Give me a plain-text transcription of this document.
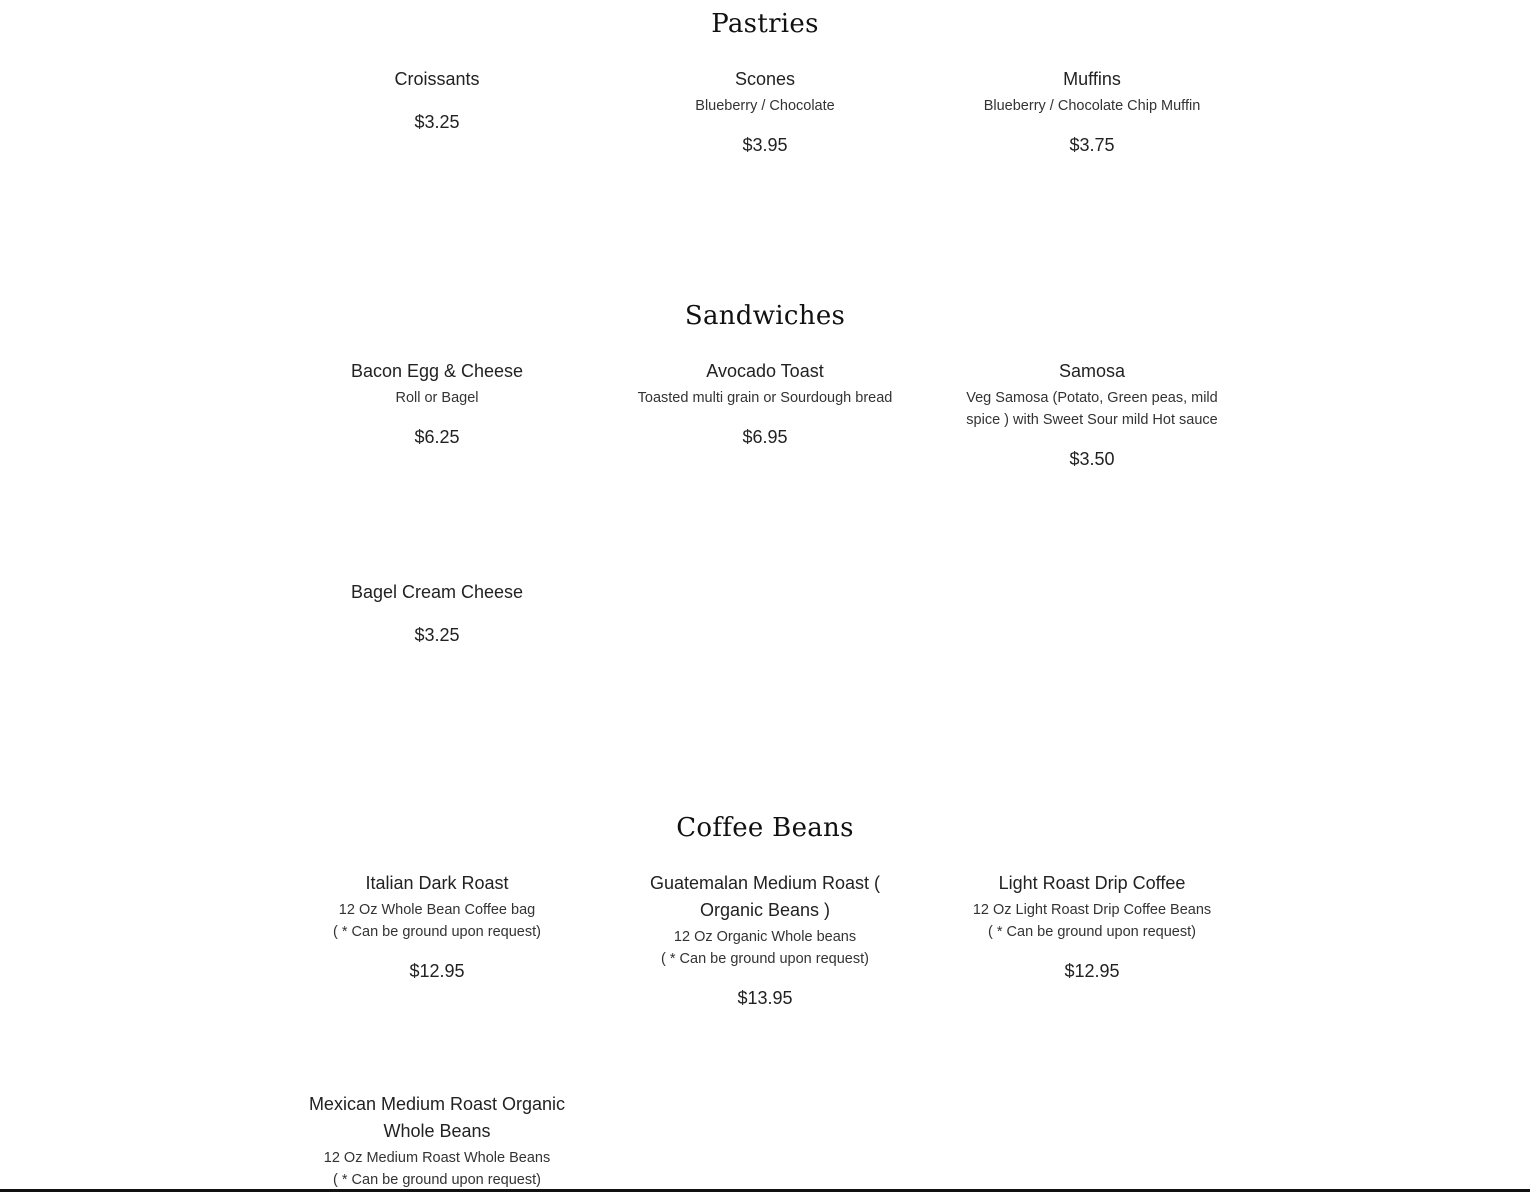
Pastries

Croissants

$3.25

Scones

Blueberry / Chocolate

$3.95

Muffins

Blueberry / Chocolate Chip Muffin

$3.75

Sandwiches

Bacon Egg & Cheese

Roll or Bagel

$6.25

Avocado Toast

Toasted multi grain or Sourdough bread

$6.95

Samosa

Veg Samosa (Potato, Green peas, mild spice ) with Sweet Sour mild Hot sauce

$3.50

Bagel Cream Cheese

$3.25

Coffee Beans

Italian Dark Roast

12 Oz Whole Bean Coffee bag
( * Can be ground upon request)

$12.95

Guatemalan Medium Roast ( Organic Beans )

12 Oz Organic Whole beans
( * Can be ground upon request)

$13.95

Light Roast Drip Coffee

12 Oz Light Roast Drip Coffee Beans
( * Can be ground upon request)

$12.95

Mexican Medium Roast Organic Whole Beans

12 Oz Medium Roast Whole Beans
( * Can be ground upon request)
